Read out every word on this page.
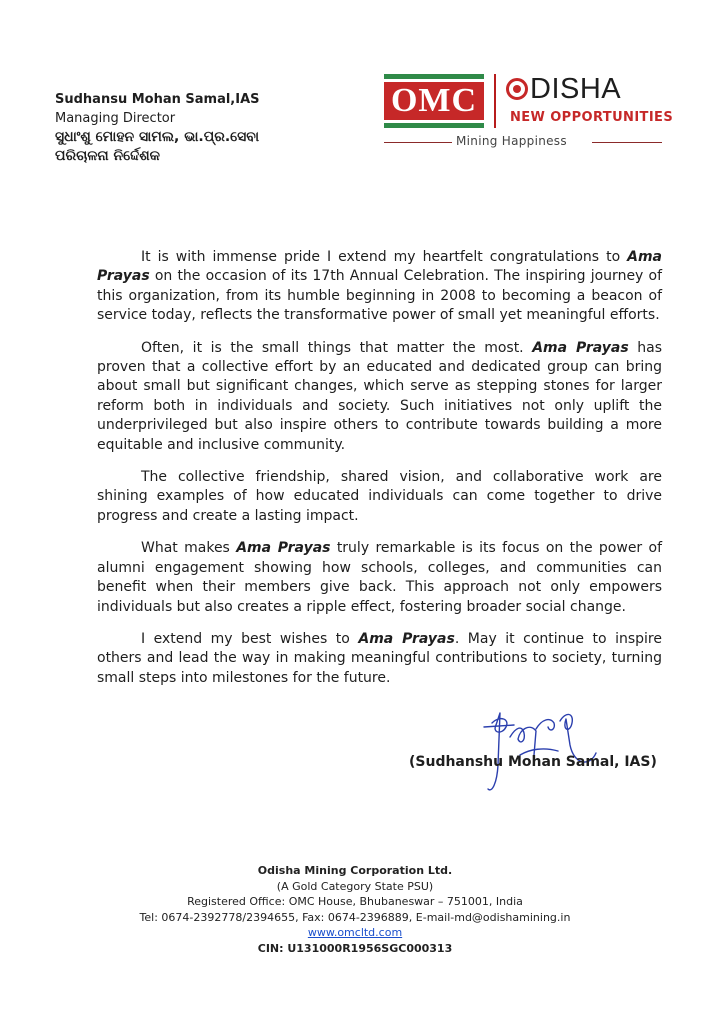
Sudhansu Mohan Samal,IAS
Managing Director
ସୁଧାଂଶୁ ମୋହନ ସାମଲ, ଭା.ପ୍ର.ସେବା
ପରିଚାଳନା ନିର୍ଦ୍ଦେଶକ
OMC DISHA
NEW OPPORTUNITIES
Mining Happiness

It is with immense pride I extend my heartfelt congratulations to Ama Prayas on the occasion of its 17th Annual Celebration. The inspiring journey of this organization, from its humble beginning in 2008 to becoming a beacon of service today, reflects the transformative power of small yet meaningful efforts.

Often, it is the small things that matter the most. Ama Prayas has proven that a collective effort by an educated and dedicated group can bring about small but significant changes, which serve as stepping stones for larger reform both in individuals and society. Such initiatives not only uplift the underprivileged but also inspire others to contribute towards building a more equitable and inclusive community.

The collective friendship, shared vision, and collaborative work are shining examples of how educated individuals can come together to drive progress and create a lasting impact.

What makes Ama Prayas truly remarkable is its focus on the power of alumni engagement showing how schools, colleges, and communities can benefit when their members give back. This approach not only empowers individuals but also creates a ripple effect, fostering broader social change.

I extend my best wishes to Ama Prayas. May it continue to inspire others and lead the way in making meaningful contributions to society, turning small steps into milestones for the future.

(Sudhanshu Mohan Samal, IAS)
Odisha Mining Corporation Ltd.
(A Gold Category State PSU)
Registered Office: OMC House, Bhubaneswar – 751001, India
Tel: 0674-2392778/2394655, Fax: 0674-2396889, E-mail-md@odishamining.in
www.omcltd.com
CIN: U131000R1956SGC000313
